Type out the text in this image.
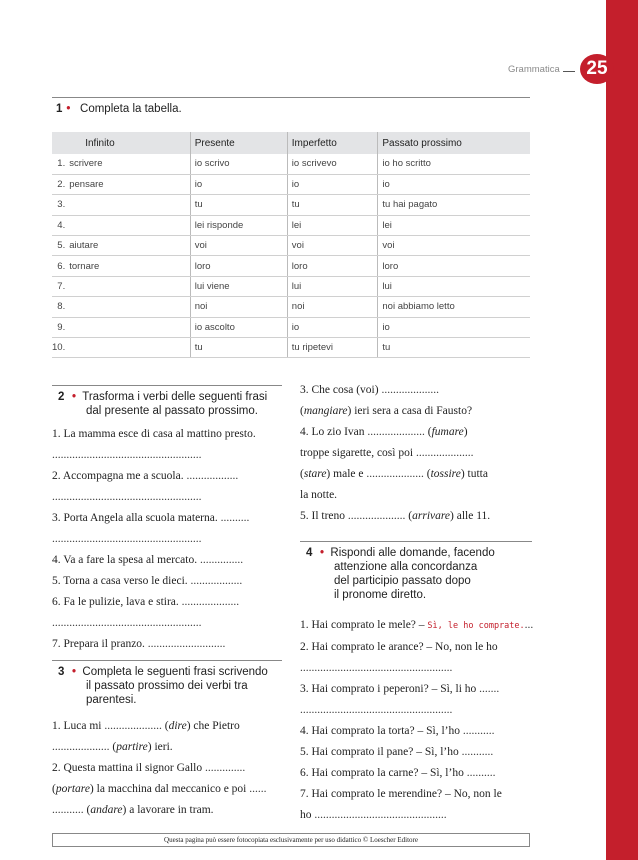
Grammatica	25
1 • Completa la tabella.
	Infinito	Presente	Imperfetto	Passato prossimo
1.	scrivere	io scrivo	io scrivevo	io ho scritto
2.	pensare	io	io	io
3.		tu	tu	tu hai pagato
4.		lei risponde	lei	lei
5.	aiutare	voi	voi	voi
6.	tornare	loro	loro	loro
7.		lui viene	lui	lui
8.		noi	noi	noi abbiamo letto
9.		io ascolto	io	io
10.		tu	tu ripetevi	tu
2 • Trasforma i verbi delle seguenti frasi
dal presente al passato prossimo.
1. La mamma esce di casa al mattino presto.
....................................................
2. Accompagna me a scuola. ..................
....................................................
3. Porta Angela alla scuola materna. ..........
....................................................
4. Va a fare la spesa al mercato. ...............
5. Torna a casa verso le dieci. ..................
6. Fa le pulizie, lava e stira. ....................
....................................................
7. Prepara il pranzo. ...........................
3 • Completa le seguenti frasi scrivendo
il passato prossimo dei verbi tra
parentesi.
1. Luca mi .................... (dire) che Pietro
.................... (partire) ieri.
2. Questa mattina il signor Gallo ..............
(portare) la macchina dal meccanico e poi ......
........... (andare) a lavorare in tram.
3. Che cosa (voi) ....................
(mangiare) ieri sera a casa di Fausto?
4. Lo zio Ivan .................... (fumare)
troppe sigarette, così poi ....................
(stare) male e .................... (tossire) tutta
la notte.
5. Il treno .................... (arrivare) alle 11.
4 • Rispondi alle domande, facendo
attenzione alla concordanza
del participio passato dopo
il pronome diretto.
1. Hai comprato le mele? – Sì, le ho comprate....
2. Hai comprato le arance? – No, non le ho
.....................................................
3. Hai comprato i peperoni? – Sì, li ho .......
.....................................................
4. Hai comprato la torta? – Sì, l’ho ...........
5. Hai comprato il pane? – Sì, l’ho ...........
6. Hai comprato la carne? – Sì, l’ho ..........
7. Hai comprato le merendine? – No, non le
ho ..............................................
Questa pagina può essere fotocopiata esclusivamente per uso didattico © Loescher Editore
